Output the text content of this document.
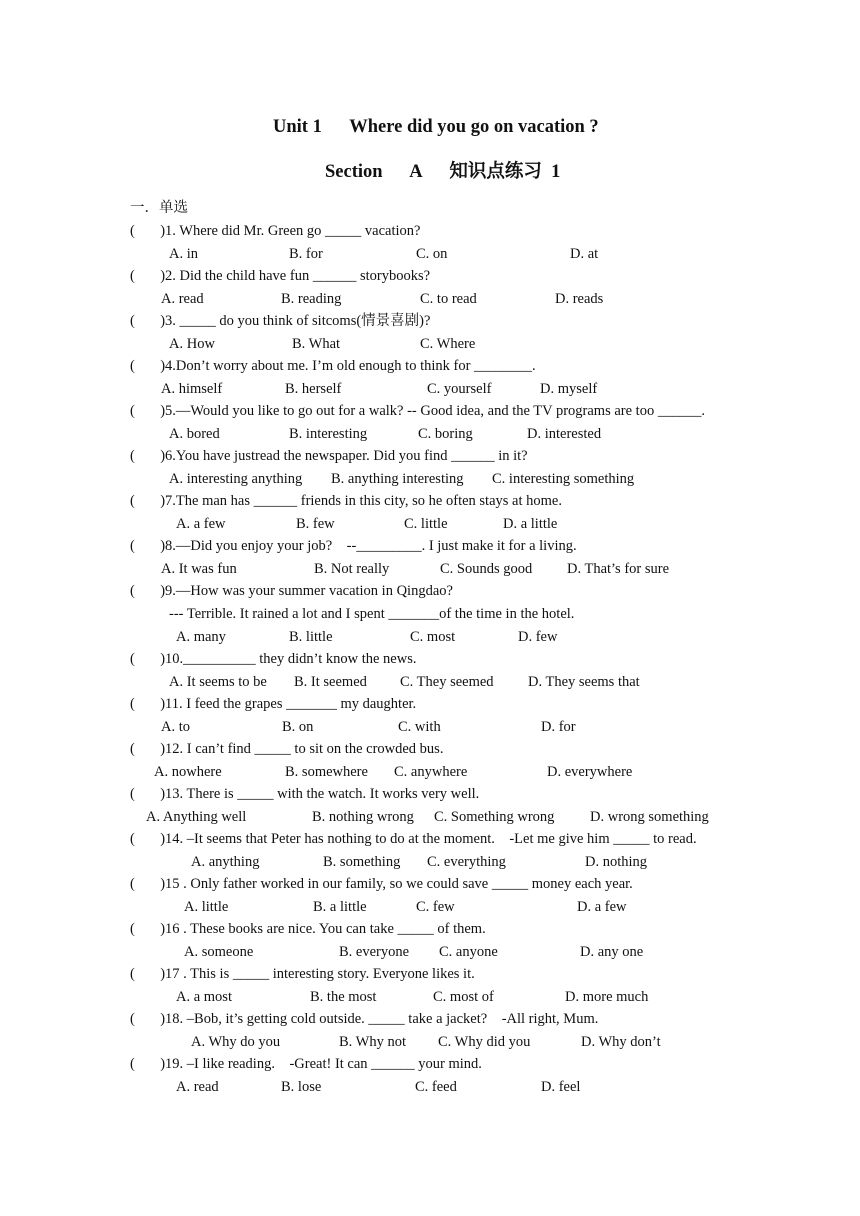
Unit 1      Where did you go on vacation ?
Section      A      知识点练习  1
一．单选
(       )1. Where did Mr. Green go _____ vacation?
A. in	B. for	C. on	D. at
(       )2. Did the child have fun ______ storybooks?
A. read	B. reading	C. to read	D. reads
(       )3. _____ do you think of sitcoms(情景喜剧)?
A. How	B. What	C. Where
(       )4.Don’t worry about me. I’m old enough to think for ________.
A. himself	B. herself	C. yourself	D. myself
(       )5.—Would you like to go out for a walk? -- Good idea, and the TV programs are too ______.
A. bored	B. interesting	C. boring	D. interested
(       )6.You have justread the newspaper. Did you find ______ in it?
A. interesting anything B. anything interesting C. interesting something
(       )7.The man has ______ friends in this city, so he often stays at home.
A. a few	B. few	C. little	D. a little
(       )8.—Did you enjoy your job?    --_________. I just make it for a living.
A. It was fun	B. Not really	C. Sounds good D. That’s for sure
(       )9.—How was your summer vacation in Qingdao?
--- Terrible. It rained a lot and I spent _______of the time in the hotel.
A. many	B. little	C. most	D. few
(       )10.__________ they didn’t know the news.
A. It seems to be B. It seemed C. They seemed D. They seems that
(       )11. I feed the grapes _______ my daughter.
A. to	B. on	C. with	D. for
(       )12. I can’t find _____ to sit on the crowded bus.
A. nowhere	B. somewhere C. anywhere	D. everywhere
(       )13. There is _____ with the watch. It works very well.
A. Anything well	B. nothing wrong C. Something wrong D. wrong something
(       )14. –It seems that Peter has nothing to do at the moment.    -Let me give him _____ to read.
A. anything	B. something C. everything	D. nothing
(       )15 . Only father worked in our family, so we could save _____ money each year.
A. little	B. a little	C. few	D. a few
(       )16 . These books are nice. You can take _____ of them.
A. someone	B. everyone C. anyone	D. any one
(       )17 . This is _____ interesting story. Everyone likes it.
A. a most	B. the most	C. most of	D. more much
(       )18. –Bob, it’s getting cold outside. _____ take a jacket?    -All right, Mum.
A. Why do you	B. Why not C. Why did you	D. Why don’t
(       )19. –I like reading.    -Great! It can ______ your mind.
A. read	B. lose	C. feed	D. feel
